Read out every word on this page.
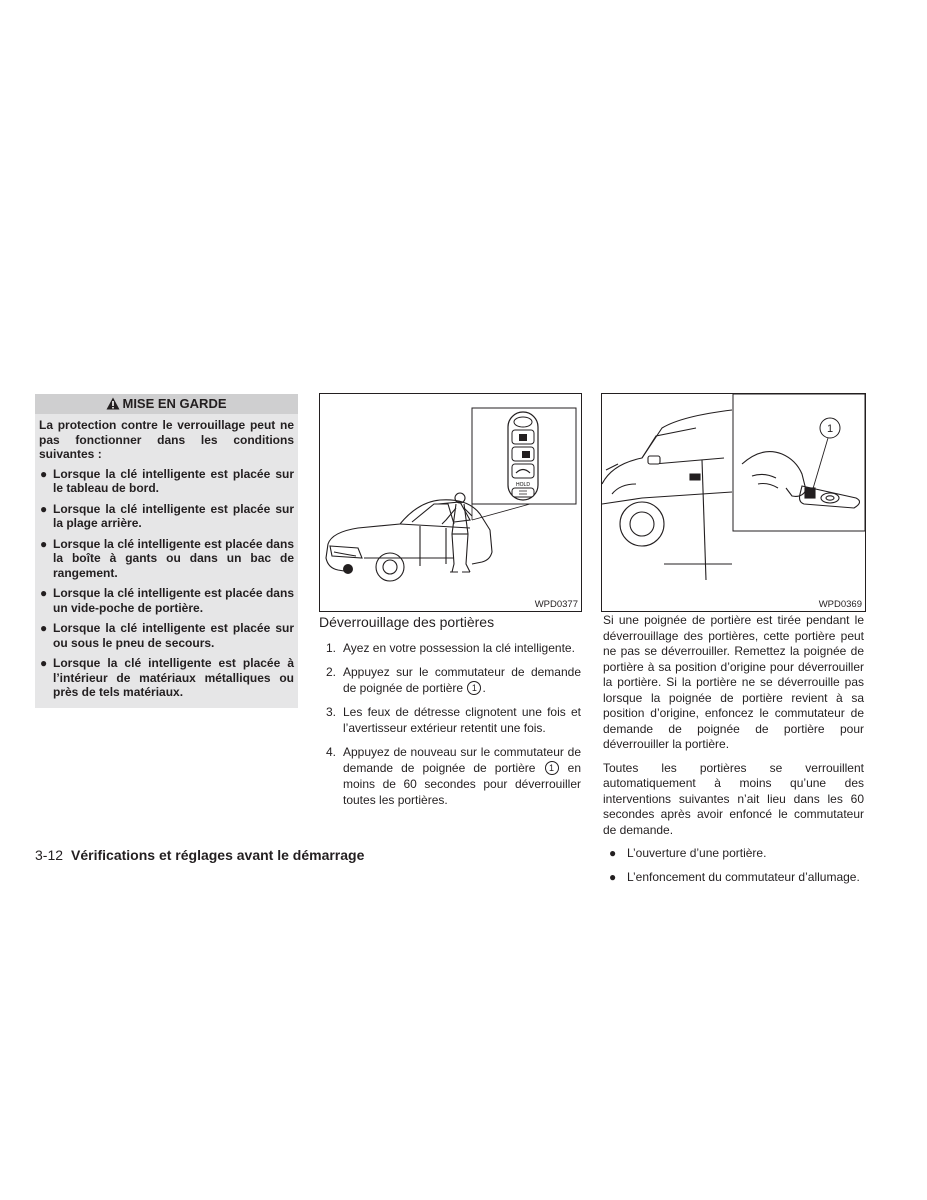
MISE EN GARDE

La protection contre le verrouillage peut ne pas fonctionner dans les conditions suivantes :

● Lorsque la clé intelligente est placée sur le tableau de bord.
● Lorsque la clé intelligente est placée sur la plage arrière.
● Lorsque la clé intelligente est placée dans la boîte à gants ou dans un bac de rangement.
● Lorsque la clé intelligente est placée dans un vide-poche de portière.
● Lorsque la clé intelligente est placée sur ou sous le pneu de secours.
● Lorsque la clé intelligente est placée à l’intérieur de matériaux métalliques ou près de tels matériaux.
HOLD
WPD0377
1
WPD0369
Déverrouillage des portières
1. Ayez en votre possession la clé intelligente.
2. Appuyez sur le commutateur de demande de poignée de portière 1 .
3. Les feux de détresse clignotent une fois et l’avertisseur extérieur retentit une fois.
4. Appuyez de nouveau sur le commutateur de demande de poignée de portière 1 en moins de 60 secondes pour déverrouiller toutes les portières.

Si une poignée de portière est tirée pendant le déverrouillage des portières, cette portière peut ne pas se déverrouiller. Remettez la poignée de portière à sa position d’origine pour déverrouiller la portière. Si la portière ne se déverrouille pas lorsque la poignée de portière revient à sa position d’origine, enfoncez le commutateur de demande de poignée de portière pour déverrouiller la portière.

Toutes les portières se verrouillent automatiquement à moins qu’une des interventions suivantes n’ait lieu dans les 60 secondes après avoir enfoncé le commutateur de demande.

● L’ouverture d’une portière.
● L’enfoncement du commutateur d’allumage.
3-12 Vérifications et réglages avant le démarrage
